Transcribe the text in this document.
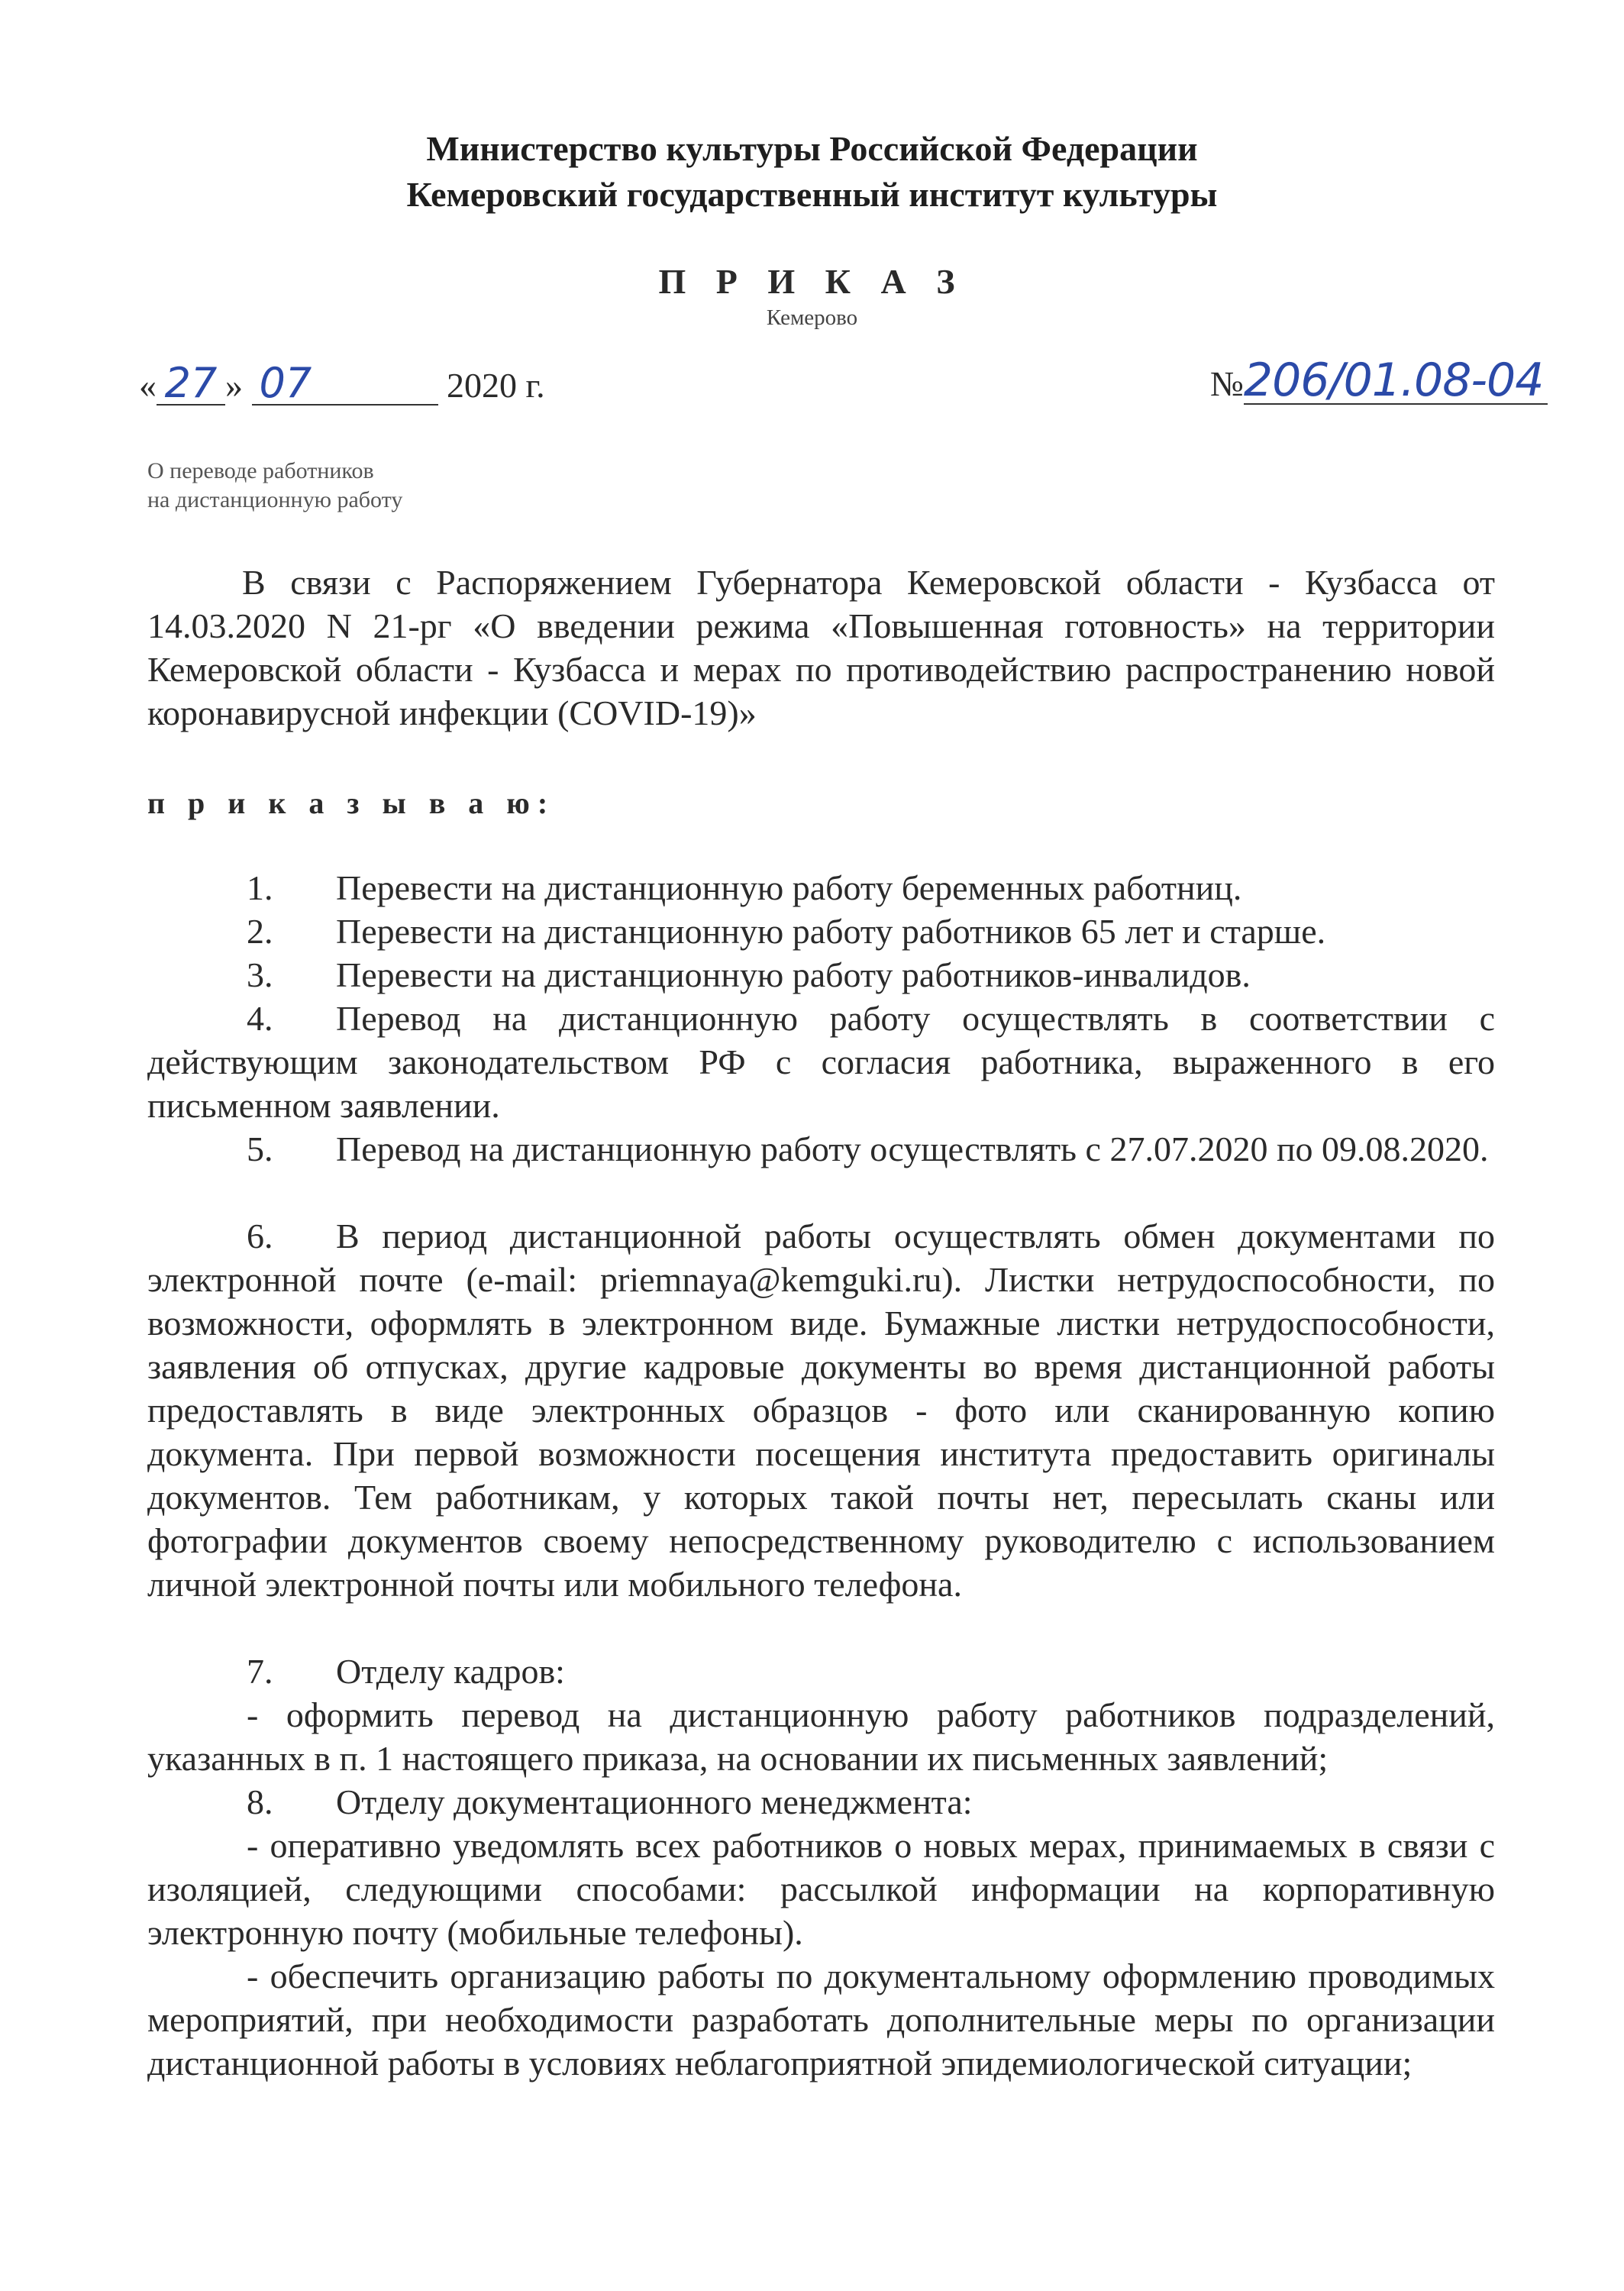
Министерство культуры Российской Федерации
Кемеровский государственный институт культуры
П Р И К А З
Кемерово
« 27 » 07	2020 г.	№206/01.08-04
О переводе работников
на дистанционную работу

В связи с Распоряжением Губернатора Кемеровской области - Кузбасса от 14.03.2020 N 21-рг «О введении режима «Повышенная готовность» на территории Кемеровской области - Кузбасса и мерах по противодействию распространению новой коронавирусной инфекции (COVID-19)»

п р и к а з ы в а ю:

1. Перевести на дистанционную работу беременных работниц.

2. Перевести на дистанционную работу работников 65 лет и старше.

3. Перевести на дистанционную работу работников-инвалидов.

4. Перевод на дистанционную работу осуществлять в соответствии с действующим законодательством РФ с согласия работника, выраженного в его письменном заявлении.

5. Перевод на дистанционную работу осуществлять с 27.07.2020 по 09.08.2020.

6. В период дистанционной работы осуществлять обмен документами по электронной почте (e-mail: priemnaya@kemguki.ru). Листки нетрудоспособности, по возможности, оформлять в электронном виде. Бумажные листки нетрудоспособности, заявления об отпусках, другие кадровые документы во время дистанционной работы предоставлять в виде электронных образцов - фото или сканированную копию документа. При первой возможности посещения института предоставить оригиналы документов. Тем работникам, у которых такой почты нет, пересылать сканы или фотографии документов своему непосредственному руководителю с использованием личной электронной почты или мобильного телефона.

7. Отделу кадров:

- оформить перевод на дистанционную работу работников подразделений, указанных в п. 1 настоящего приказа, на основании их письменных заявлений;

8. Отделу документационного менеджмента:

- оперативно уведомлять всех работников о новых мерах, принимаемых в связи с изоляцией, следующими способами: рассылкой информации на корпоративную электронную почту (мобильные телефоны).

- обеспечить организацию работы по документальному оформлению проводимых мероприятий, при необходимости разработать дополнительные меры по организации дистанционной работы в условиях неблагоприятной эпидемиологической ситуации;
